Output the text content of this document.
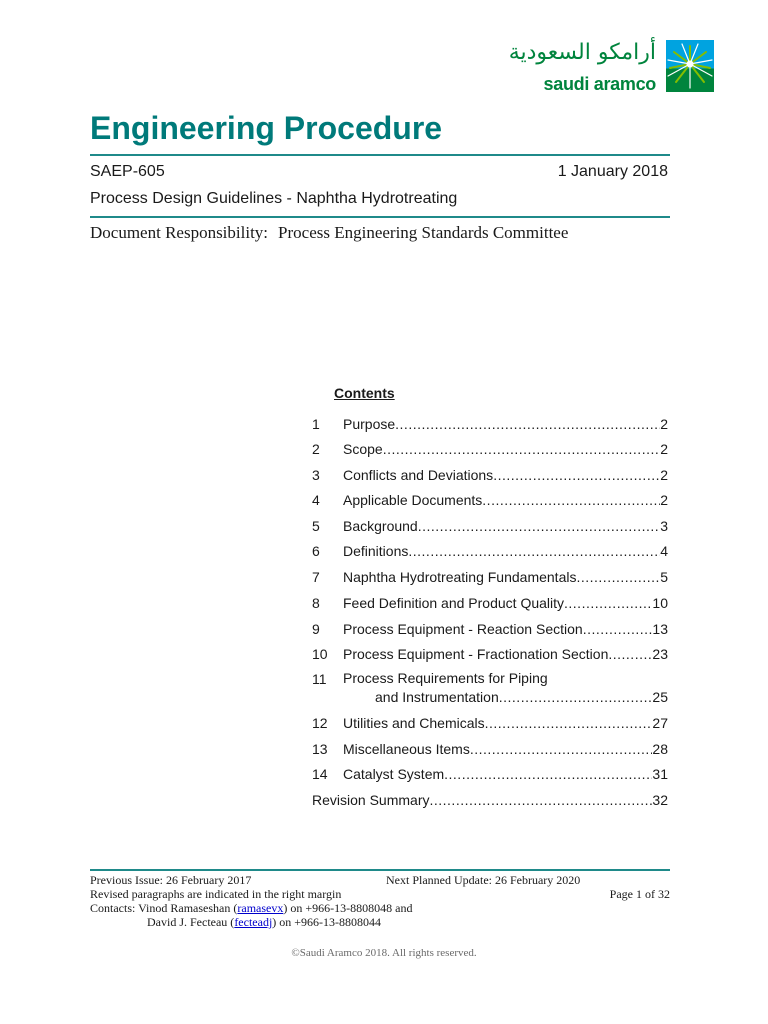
أرامكو السعودية
saudi aramco
Engineering Procedure
SAEP-605	1 January 2018
Process Design Guidelines - Naphtha Hydrotreating
Document Responsibility: Process Engineering Standards Committee
Contents
1	Purpose .....	2
2	Scope .....	2
3	Conflicts and Deviations .....	2
4	Applicable Documents .....	2
5	Background .....	3
6	Definitions .....	4
7	Naphtha Hydrotreating Fundamentals .....	5
8	Feed Definition and Product Quality .....	10
9	Process Equipment - Reaction Section .....	13
10	Process Equipment - Fractionation Section .....	23
11	Process Requirements for Piping
and Instrumentation .....	25
12	Utilities and Chemicals .....	27
13	Miscellaneous Items .....	28
14	Catalyst System .....	31
Revision Summary .....	32
Previous Issue: 26 February 2017	Next Planned Update: 26 February 2020
Revised paragraphs are indicated in the right margin	Page 1 of 32
Contacts: Vinod Ramaseshan (ramasevx) on +966-13-8808048 and
David J. Fecteau (fecteadj) on +966-13-8808044
©Saudi Aramco 2018. All rights reserved.
